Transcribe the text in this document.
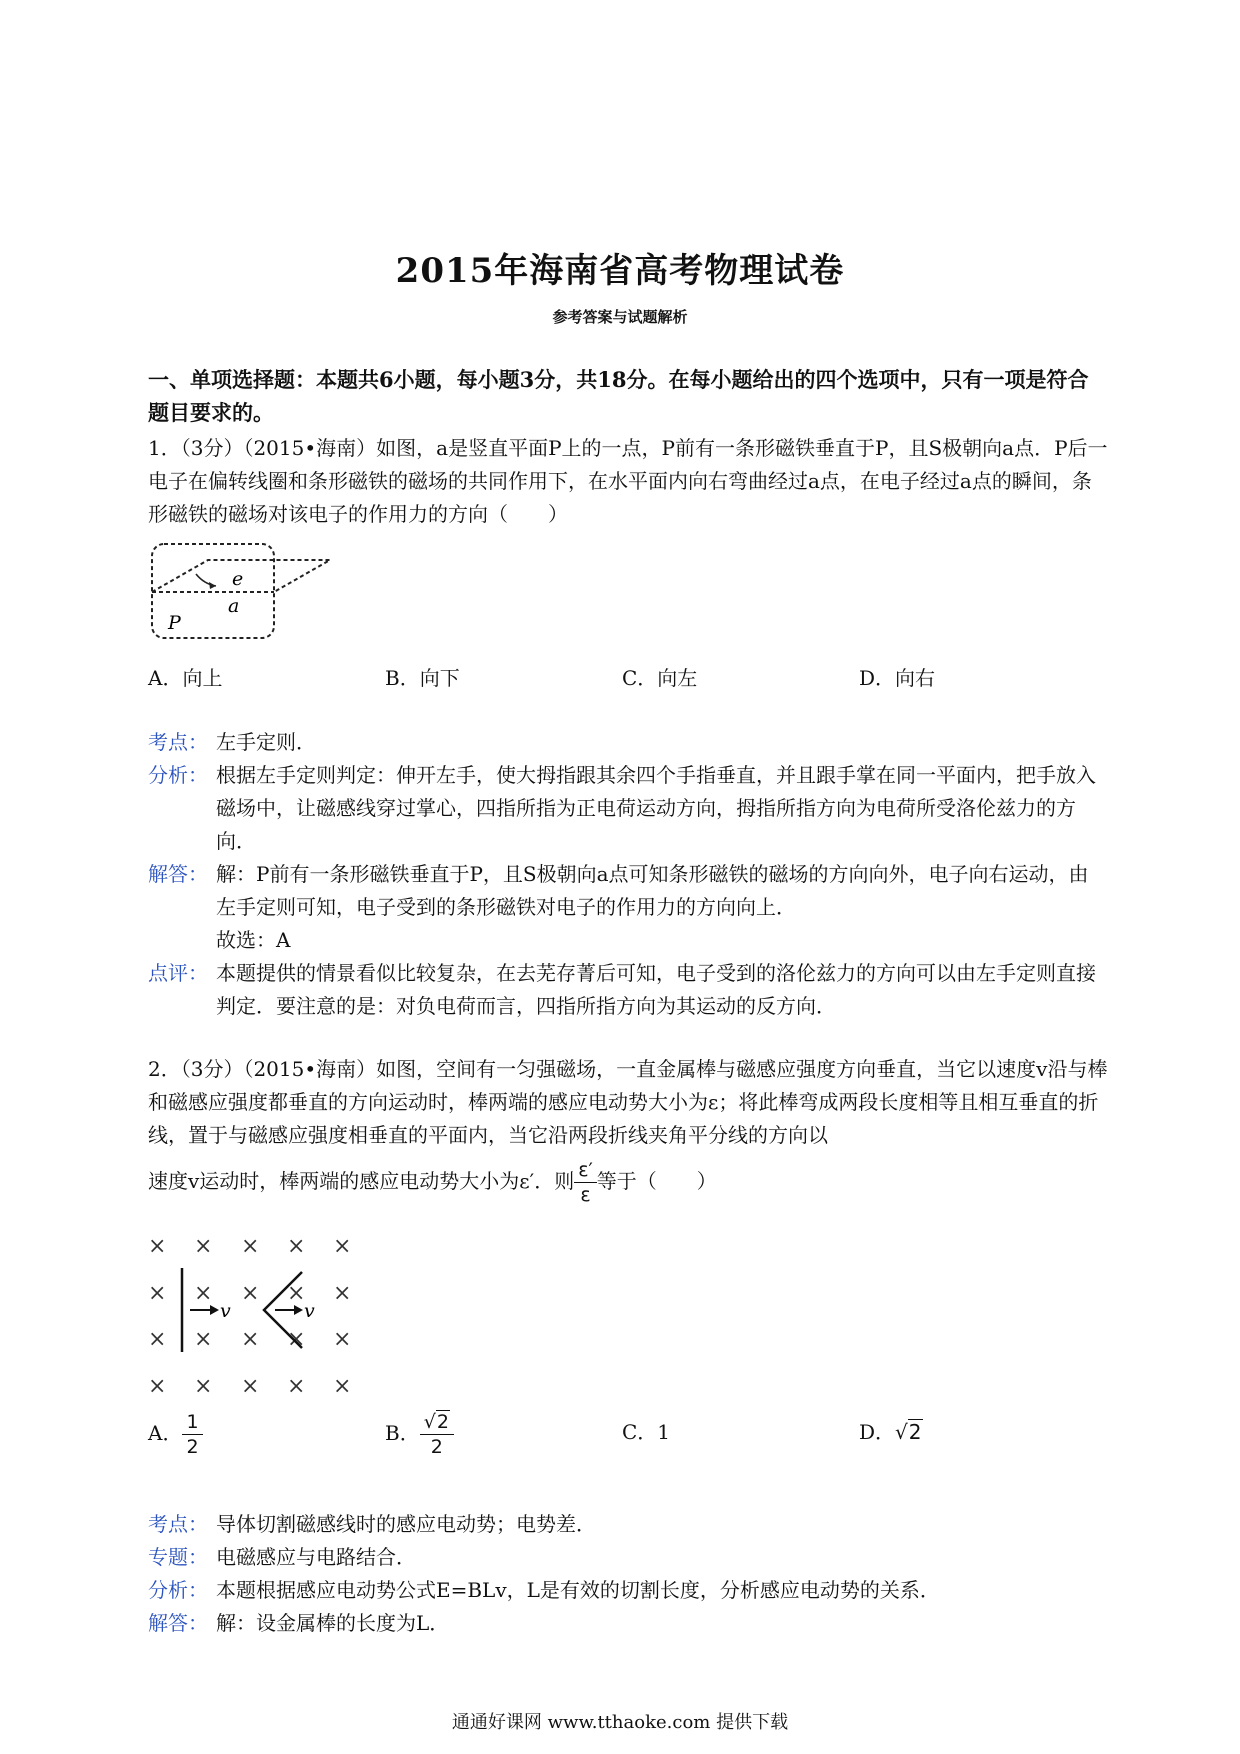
2015年海南省高考物理试卷
参考答案与试题解析
一、单项选择题：本题共6小题，每小题3分，共18分。在每小题给出的四个选项中，只有一项是符合题目要求的。
1．（3分）（2015•海南）如图，a是竖直平面P上的一点，P前有一条形磁铁垂直于P，且S极朝向a点．P后一电子在偏转线圈和条形磁铁的磁场的共同作用下，在水平面内向右弯曲经过a点，在电子经过a点的瞬间，条形磁铁的磁场对该电子的作用力的方向（　　）
e
a
P
A．向上	B．向下	C．向左	D．向右
考点： 左手定则．
分析： 根据左手定则判定：伸开左手，使大拇指跟其余四个手指垂直，并且跟手掌在同一平面内，把手放入磁场中，让磁感线穿过掌心，四指所指为正电荷运动方向，拇指所指方向为电荷所受洛伦兹力的方向．
解答： 解：P前有一条形磁铁垂直于P，且S极朝向a点可知条形磁铁的磁场的方向向外，电子向右运动，由左手定则可知，电子受到的条形磁铁对电子的作用力的方向向上．
故选：A
点评： 本题提供的情景看似比较复杂，在去芜存菁后可知，电子受到的洛伦兹力的方向可以由左手定则直接判定．要注意的是：对负电荷而言，四指所指方向为其运动的反方向．
2．（3分）（2015•海南）如图，空间有一匀强磁场，一直金属棒与磁感应强度方向垂直，当它以速度v沿与棒和磁感应强度都垂直的方向运动时，棒两端的感应电动势大小为ε；将此棒弯成两段长度相等且相互垂直的折线，置于与磁感应强度相垂直的平面内，当它沿两段折线夹角平分线的方向以
速度v运动时，棒两端的感应电动势大小为ε′．则 $\frac{\varepsilon'}{\varepsilon}$ 等于（　　）
× × × × ×
× × × × ×
× × × × ×
× × × × ×
v	v
A． $\frac{1}{2}$	B． $\frac{√2}{2}$	C．1	D．√2
考点： 导体切割磁感线时的感应电动势；电势差．
专题： 电磁感应与电路结合．
分析： 本题根据感应电动势公式E=BLv，L是有效的切割长度，分析感应电动势的关系．
解答： 解：设金属棒的长度为L．
通通好课网 www.tthaoke.com 提供下载
